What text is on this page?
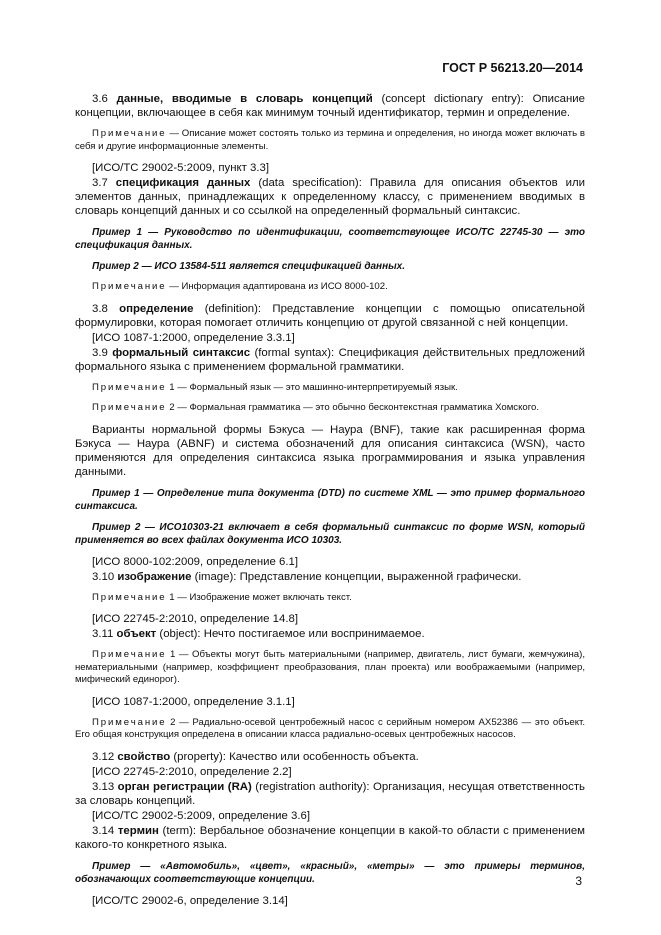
ГОСТ Р 56213.20—2014
3.6 данные, вводимые в словарь концепций (concept dictionary entry): Описание концепции, включающее в себя как минимум точный идентификатор, термин и определение.
Примечание — Описание может состоять только из термина и определения, но иногда может включать в себя и другие информационные элементы.
[ИСО/ТС 29002-5:2009, пункт 3.3]
3.7 спецификация данных (data specification): Правила для описания объектов или элементов данных, принадлежащих к определенному классу, с применением вводимых в словарь концепций данных и со ссылкой на определенный формальный синтаксис.
Пример 1 — Руководство по идентификации, соответствующее ИСО/ТС 22745-30 — это спецификация данных.
Пример 2 — ИСО 13584-511 является спецификацией данных.
Примечание — Информация адаптирована из ИСО 8000-102.
3.8 определение (definition): Представление концепции с помощью описательной формулировки, которая помогает отличить концепцию от другой связанной с ней концепции.
[ИСО 1087-1:2000, определение 3.3.1]
3.9 формальный синтаксис (formal syntax): Спецификация действительных предложений формального языка с применением формальной грамматики.
Примечание 1 — Формальный язык — это машинно-интерпретируемый язык.
Примечание 2 — Формальная грамматика — это обычно бесконтекстная грамматика Хомского.
Варианты нормальной формы Бэкуса — Наура (BNF), такие как расширенная форма Бэкуса — Наура (ABNF) и система обозначений для описания синтаксиса (WSN), часто применяются для определения синтаксиса языка программирования и языка управления данными.
Пример 1 — Определение типа документа (DTD) по системе XML — это пример формального синтаксиса.
Пример 2 — ИСО10303-21 включает в себя формальный синтаксис по форме WSN, который применяется во всех файлах документа ИСО 10303.
[ИСО 8000-102:2009, определение 6.1]
3.10 изображение (image): Представление концепции, выраженной графически.
Примечание 1 — Изображение может включать текст.
[ИСО 22745-2:2010, определение 14.8]
3.11 объект (object): Нечто постигаемое или воспринимаемое.
Примечание 1 — Объекты могут быть материальными (например, двигатель, лист бумаги, жемчужина), нематериальными (например, коэффициент преобразования, план проекта) или воображаемыми (например, мифический единорог).
[ИСО 1087-1:2000, определение 3.1.1]
Примечание 2 — Радиально-осевой центробежный насос с серийным номером AX52386 — это объект. Его общая конструкция определена в описании класса радиально-осевых центробежных насосов.
3.12 свойство (property): Качество или особенность объекта.
[ИСО 22745-2:2010, определение 2.2]
3.13 орган регистрации (RA) (registration authority): Организация, несущая ответственность за словарь концепций.
[ИСО/ТС 29002-5:2009, определение 3.6]
3.14 термин (term): Вербальное обозначение концепции в какой-то области с применением какого-то конкретного языка.
Пример — «Автомобиль», «цвет», «красный», «метры» — это примеры терминов, обозначающих соответствующие концепции.
[ИСО/ТС 29002-6, определение 3.14]
3
